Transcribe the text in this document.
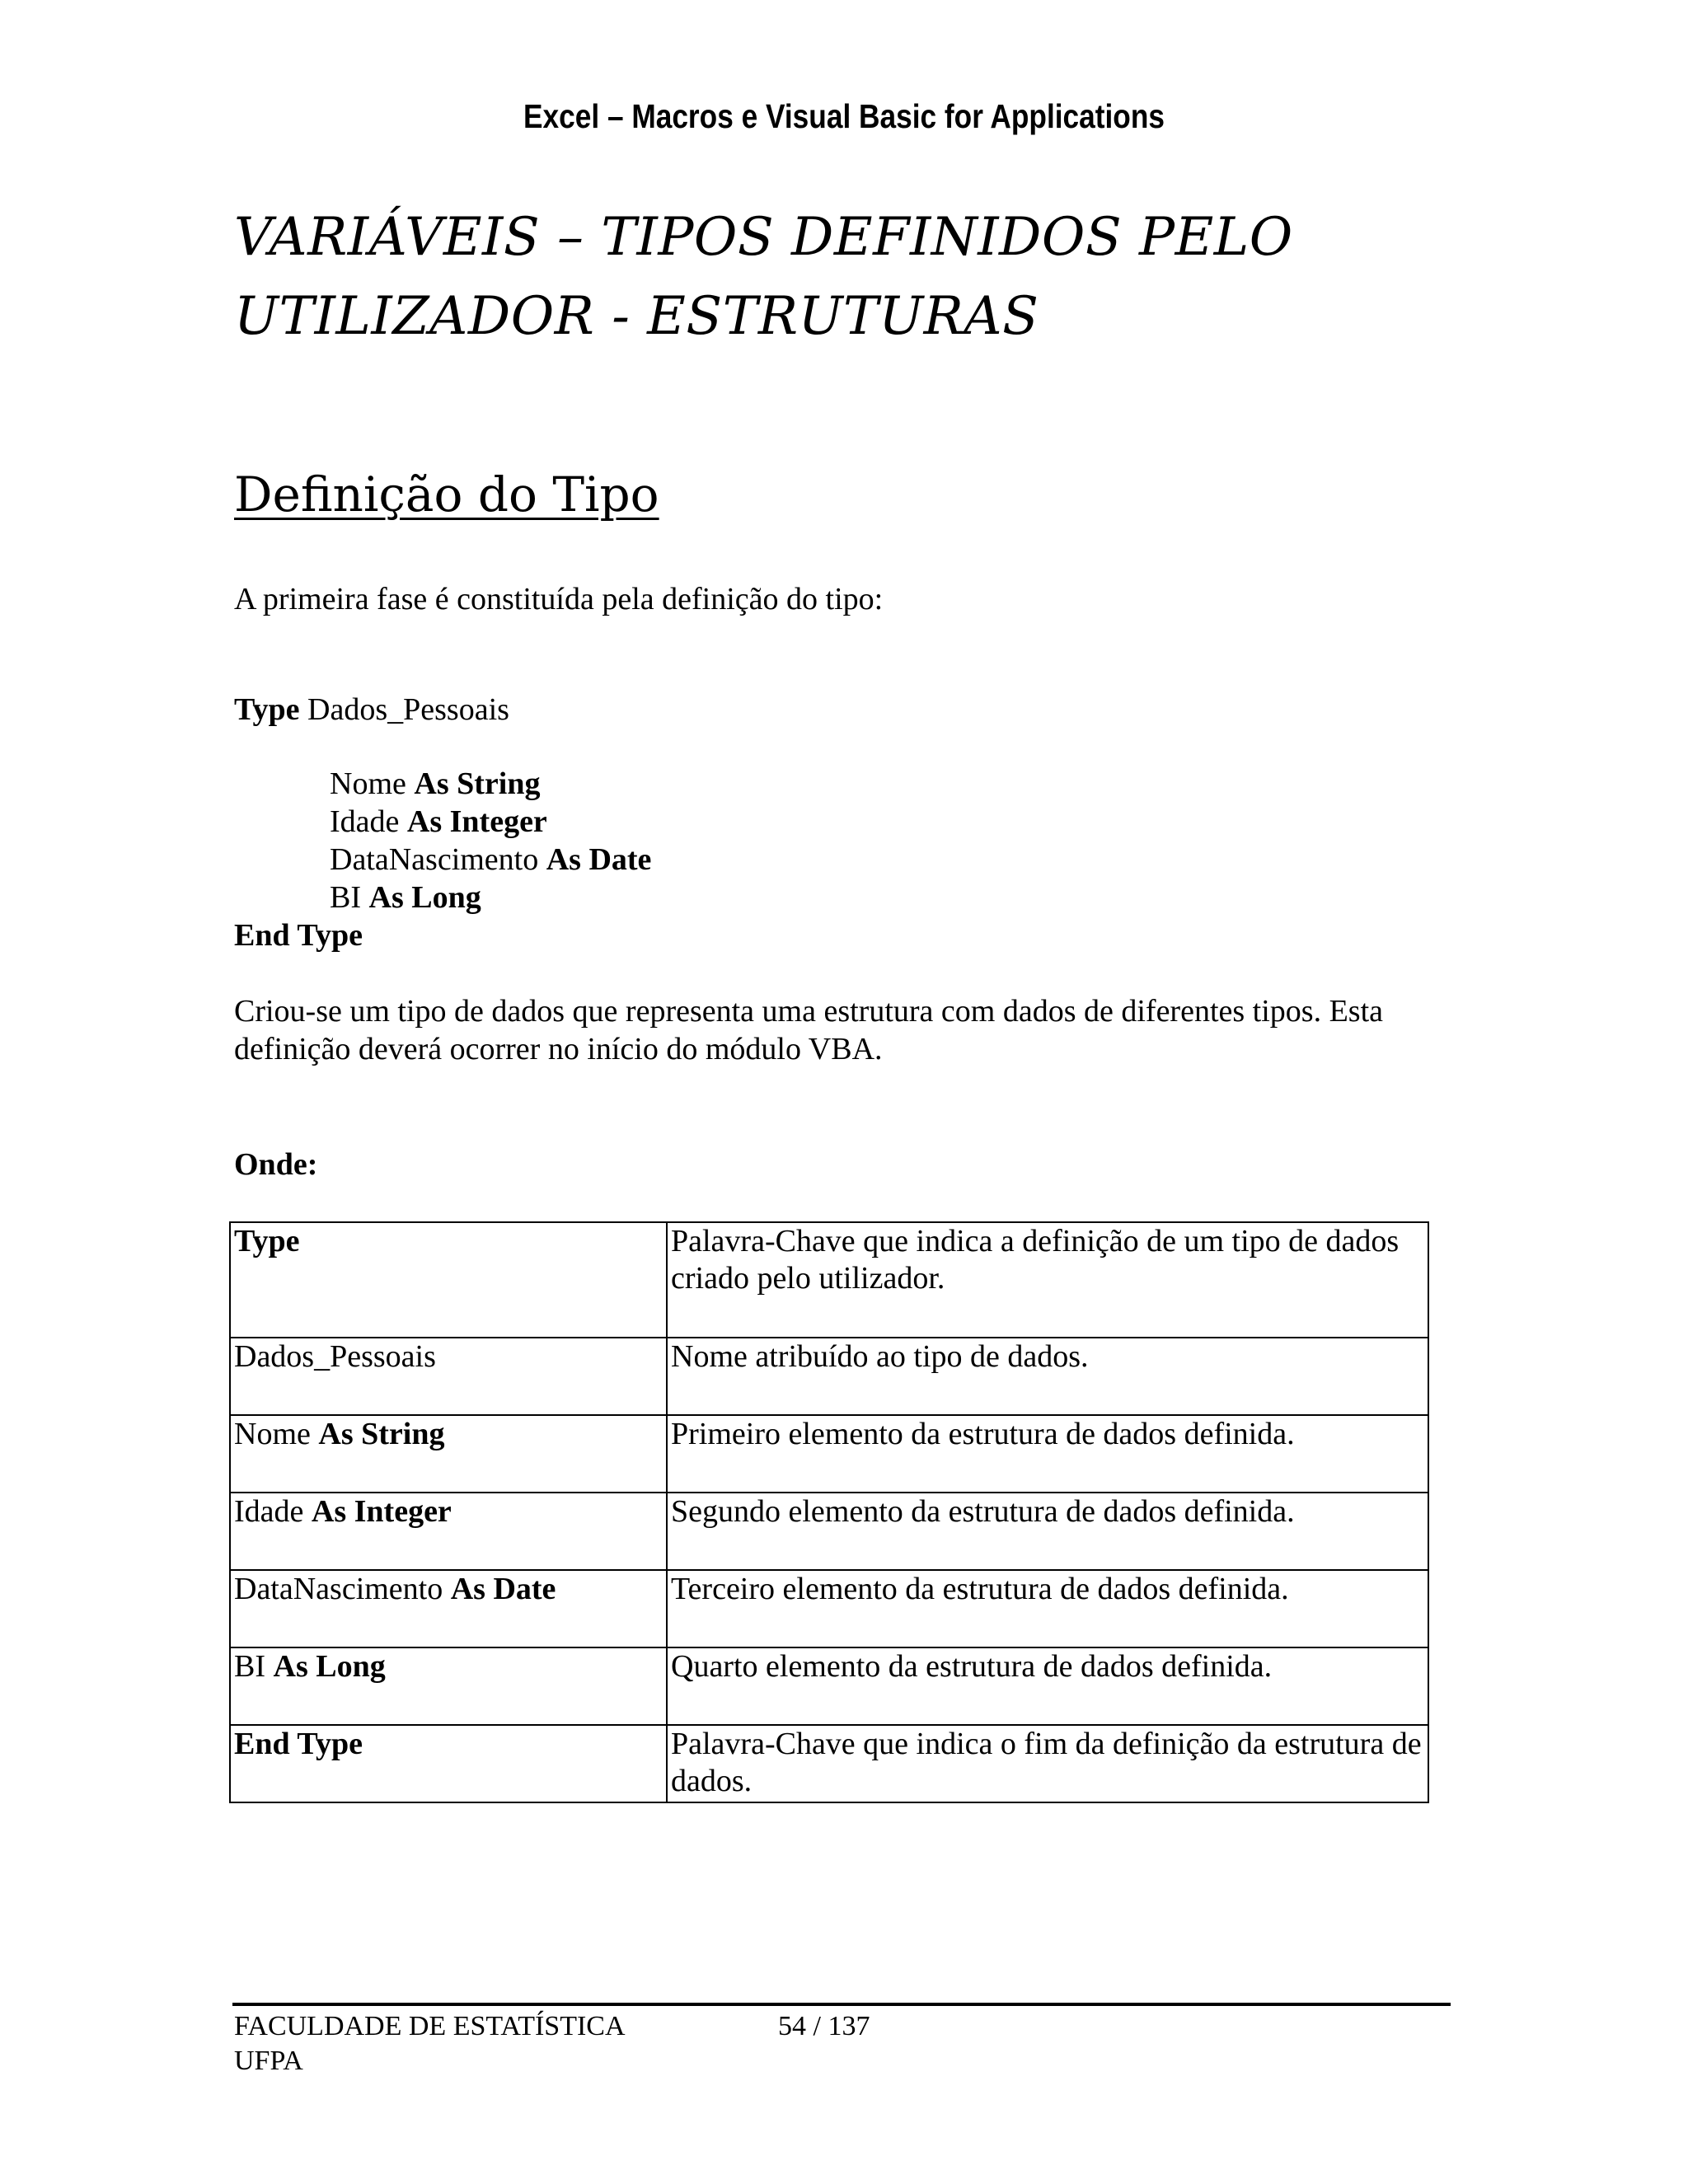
Excel – Macros e Visual Basic for Applications
VARIÁVEIS – TIPOS DEFINIDOS PELO
UTILIZADOR - ESTRUTURAS
Definição do Tipo
A primeira fase é constituída pela definição do tipo:
Type Dados_Pessoais
Nome As String
Idade As Integer
DataNascimento As Date
BI As Long
End Type
Criou-se um tipo de dados que representa uma estrutura com dados de diferentes tipos. Esta definição deverá ocorrer no início do módulo VBA.
Onde:
Type	Palavra-Chave que indica a definição de um tipo de dados criado pelo utilizador.
Dados_Pessoais	Nome atribuído ao tipo de dados.
Nome As String	Primeiro elemento da estrutura de dados definida.
Idade As Integer	Segundo elemento da estrutura de dados definida.
DataNascimento As Date	Terceiro elemento da estrutura de dados definida.
BI As Long	Quarto elemento da estrutura de dados definida.
End Type	Palavra-Chave que indica o fim da definição da estrutura de dados.
FACULDADE DE ESTATÍSTICA
UFPA
54 / 137
